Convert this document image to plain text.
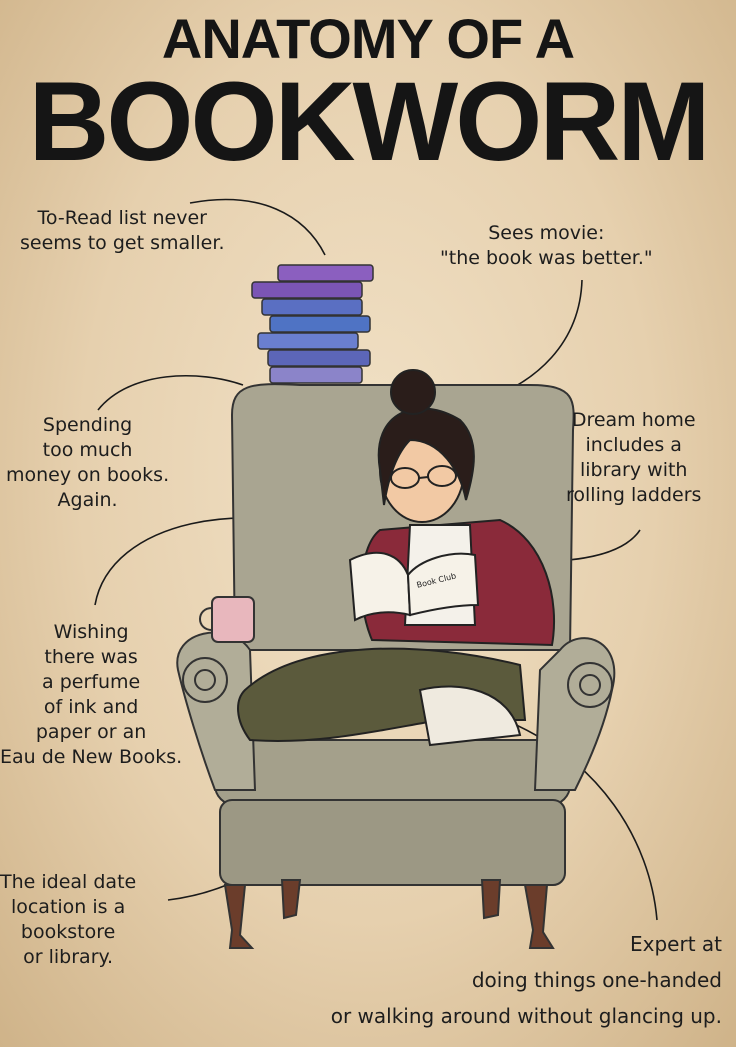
ANATOMY OF A
BOOKWORM
Book Club
To-Read list never
seems to get smaller.	Sees movie:
"the book was better."
Spending
too much
money on books.
Again.
Dream home
includes a
library with
rolling ladders
Wishing
there was
a perfume
of ink and
paper or an
Eau de New Books.
The ideal date
location is a
bookstore
or library.
Expert at
doing things one-handed
or walking around without glancing up.
